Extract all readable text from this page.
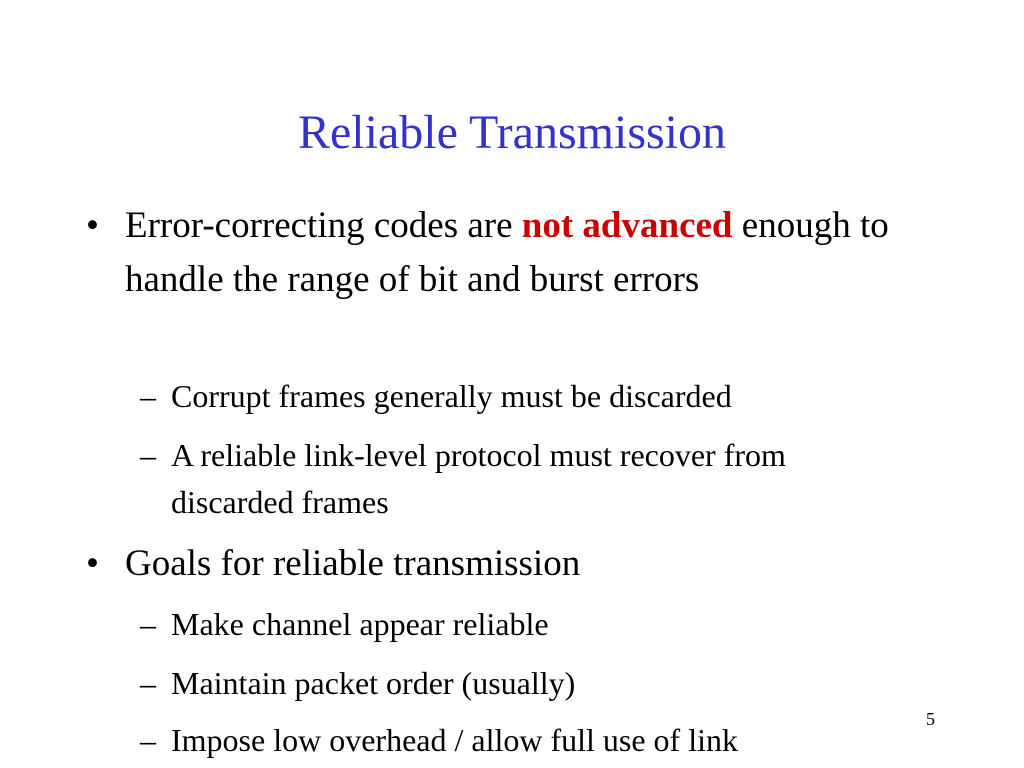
Reliable Transmission
• Error-correcting codes are not advanced enough to handle the range of bit and burst errors
– Corrupt frames generally must be discarded
– A reliable link-level protocol must recover from discarded frames
• Goals for reliable transmission
– Make channel appear reliable
– Maintain packet order (usually)
– Impose low overhead / allow full use of link
5
